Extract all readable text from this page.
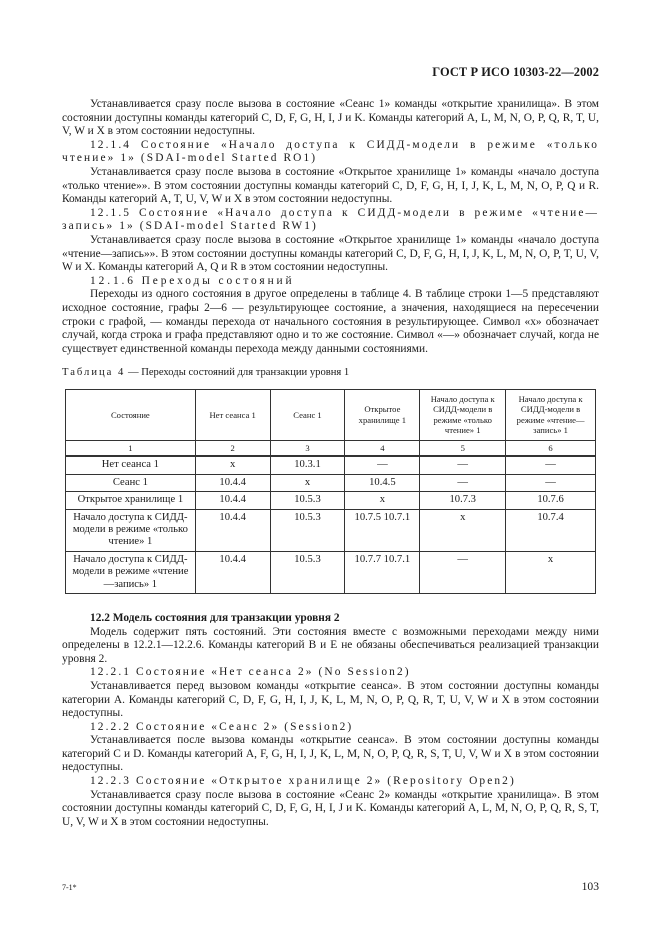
ГОСТ Р ИСО 10303-22—2002

Устанавливается сразу после вызова в состояние «Сеанс 1» команды «открытие хранилища». В этом состоянии доступны команды категорий C, D, F, G, H, I, J и K. Команды категорий A, L, M, N, O, P, Q, R, T, U, V, W и X в этом состоянии недоступны.

12.1.4 Состояние «Начало доступа к СИДД-модели в режиме «только чтение» 1» (SDAI-model Started RO1)

Устанавливается сразу после вызова в состояние «Открытое хранилище 1» команды «начало доступа «только чтение»». В этом состоянии доступны команды категорий C, D, F, G, H, I, J, K, L, M, N, O, P, Q и R. Команды категорий A, T, U, V, W и X в этом состоянии недоступны.

12.1.5 Состояние «Начало доступа к СИДД-модели в режиме «чтение—запись» 1» (SDAI-model Started RW1)

Устанавливается сразу после вызова в состояние «Открытое хранилище 1» команды «начало доступа «чтение—запись»». В этом состоянии доступны команды категорий C, D, F, G, H, I, J, K, L, M, N, O, P, T, U, V, W и X. Команды категорий A, Q и R в этом состоянии недоступны.

12.1.6 Переходы состояний

Переходы из одного состояния в другое определены в таблице 4. В таблице строки 1—5 представляют исходное состояние, графы 2—6 — результирующее состояние, а значения, находящиеся на пересечении строки с графой, — команды перехода от начального состояния в результирующее. Символ «x» обозначает случай, когда строка и графа представляют одно и то же состояние. Символ «—» обозначает случай, когда не существует единственной команды перехода между данными состояниями.

Таблица 4 — Переходы состояний для транзакции уровня 1

Состояние	Нет сеанса 1	Сеанс 1	Открытое хранилище 1	Начало доступа к СИДД-модели в режиме «только чтение» 1	Начало доступа к СИДД-модели в режиме «чтение—запись» 1
1	2	3	4	5	6
Нет сеанса 1	x	10.3.1	—	—	—
Сеанс 1	10.4.4	x	10.4.5	—	—
Открытое хранилище 1	10.4.4	10.5.3	x	10.7.3	10.7.6
Начало доступа к СИДД-модели в режиме «только чтение» 1	10.4.4	10.5.3	10.7.5 10.7.1	x	10.7.4
Начало доступа к СИДД-модели в режиме «чтение—запись» 1	10.4.4	10.5.3	10.7.7 10.7.1	—	x

12.2 Модель состояния для транзакции уровня 2

Модель содержит пять состояний. Эти состояния вместе с возможными переходами между ними определены в 12.2.1—12.2.6. Команды категорий B и E не обязаны обеспечиваться реализацией транзакции уровня 2.

12.2.1 Состояние «Нет сеанса 2» (No Session2)

Устанавливается перед вызовом команды «открытие сеанса». В этом состоянии доступны команды категории A. Команды категорий C, D, F, G, H, I, J, K, L, M, N, O, P, Q, R, T, U, V, W и X в этом состоянии недоступны.

12.2.2 Состояние «Сеанс 2» (Session2)

Устанавливается после вызова команды «открытие сеанса». В этом состоянии доступны команды категорий C и D. Команды категорий A, F, G, H, I, J, K, L, M, N, O, P, Q, R, S, T, U, V, W и X в этом состоянии недоступны.

12.2.3 Состояние «Открытое хранилище 2» (Repository Open2)

Устанавливается сразу после вызова в состояние «Сеанс 2» команды «открытие хранилища». В этом состоянии доступны команды категорий C, D, F, G, H, I, J и K. Команды категорий A, L, M, N, O, P, Q, R, S, T, U, V, W и X в этом состоянии недоступны.

7-1*	103
